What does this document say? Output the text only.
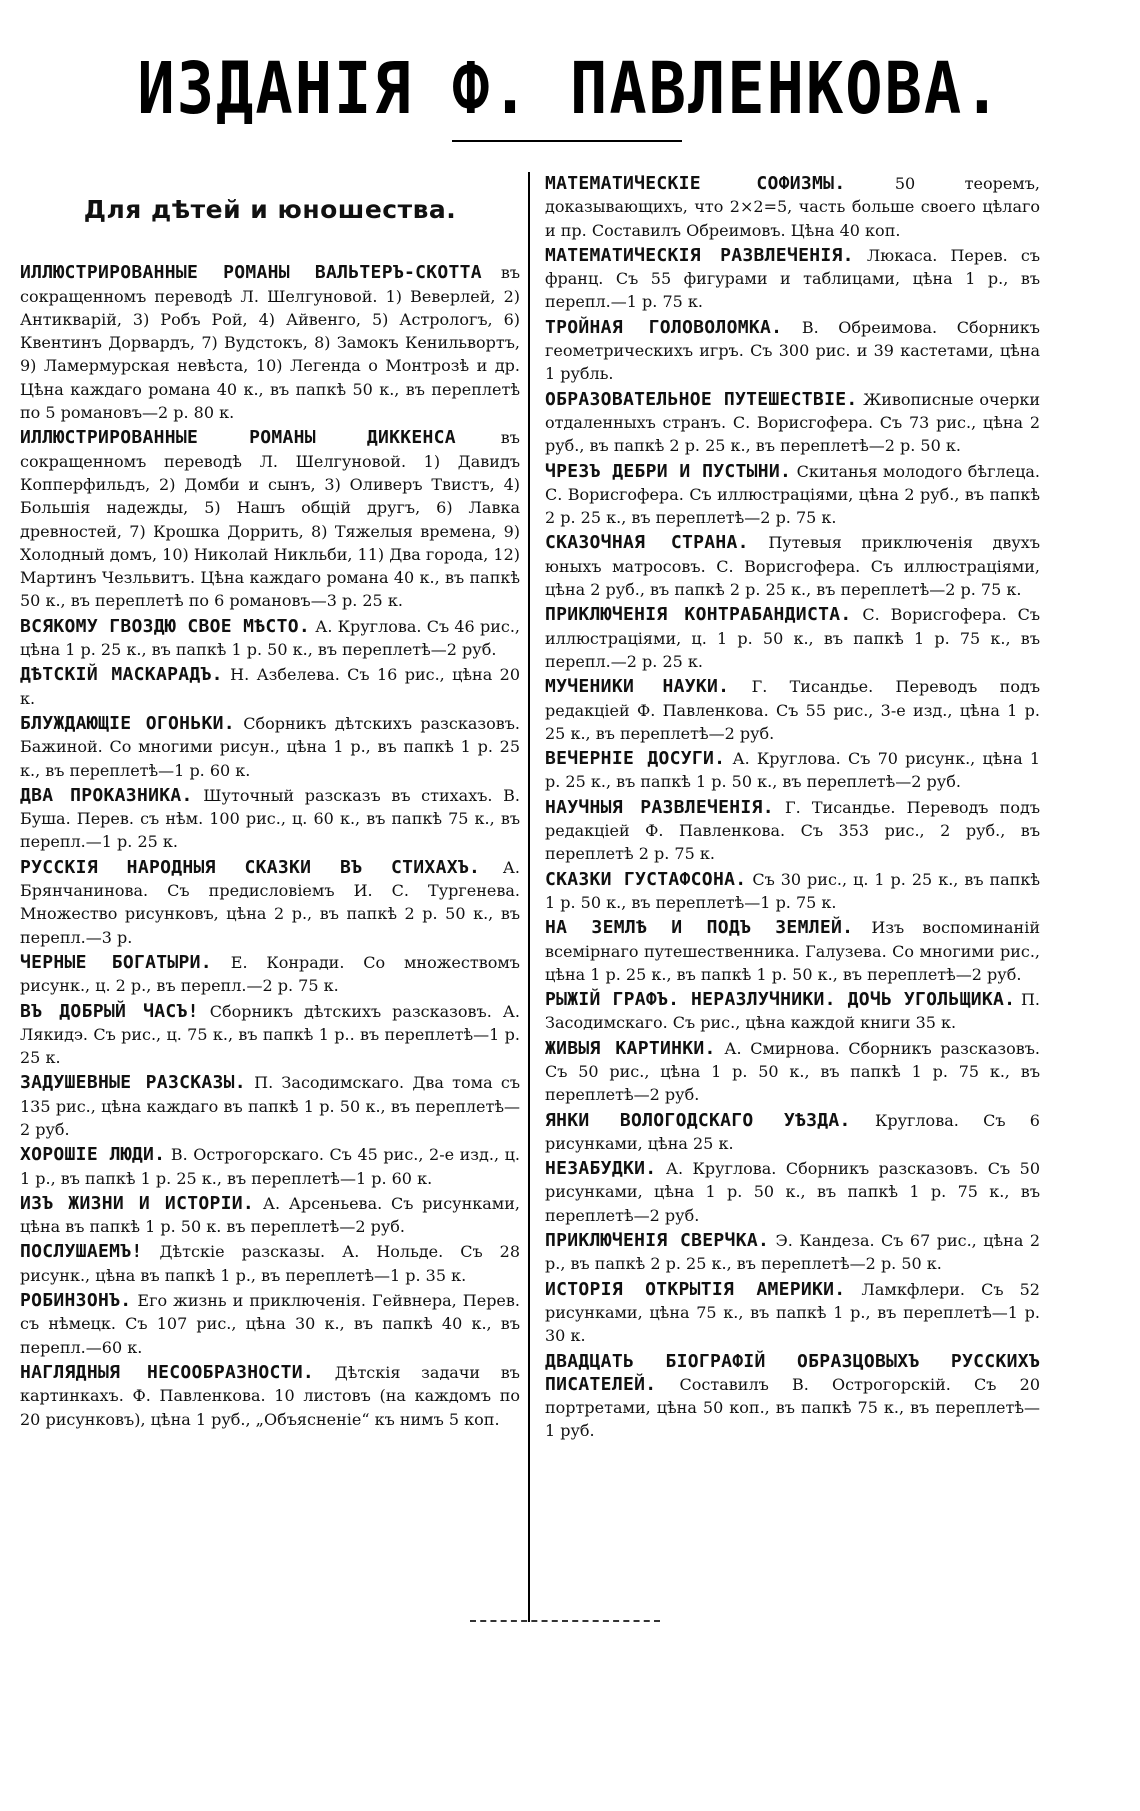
ИЗДАНІЯ Ф. ПАВЛЕНКОВА.
Для дѣтей и юношества.

ИЛЛЮСТРИРОВАННЫЕ РОМАНЫ ВАЛЬТЕРЪ-СКОТТА въ сокращенномъ переводѣ Л. Шелгуновой. 1) Веверлей, 2) Антикварій, 3) Робъ Рой, 4) Айвенго, 5) Астрологъ, 6) Квентинъ Дорвардъ, 7) Вудстокъ, 8) Замокъ Кенильвортъ, 9) Ламермурская невѣста, 10) Легенда о Монтрозѣ и др. Цѣна каждаго романа 40 к., въ папкѣ 50 к., въ переплетѣ по 5 романовъ—2 р. 80 к.

ИЛЛЮСТРИРОВАННЫЕ РОМАНЫ ДИККЕНСА въ сокращенномъ переводѣ Л. Шелгуновой. 1) Давидъ Копперфильдъ, 2) Домби и сынъ, 3) Оливеръ Твистъ, 4) Большія надежды, 5) Нашъ общій другъ, 6) Лавка древностей, 7) Крошка Доррить, 8) Тяжелыя времена, 9) Холодный домъ, 10) Николай Никльби, 11) Два города, 12) Мартинъ Чезльвитъ. Цѣна каждаго романа 40 к., въ папкѣ 50 к., въ переплетѣ по 6 романовъ—3 р. 25 к.

ВСЯКОМУ ГВОЗДЮ СВОЕ МѢСТО. А. Круглова. Съ 46 рис., цѣна 1 р. 25 к., въ папкѣ 1 р. 50 к., въ переплетѣ—2 руб.

ДѢТСКІЙ МАСКАРАДЪ. Н. Азбелева. Съ 16 рис., цѣна 20 к.

БЛУЖДАЮЩІЕ ОГОНЬКИ. Сборникъ дѣтскихъ разсказовъ. Бажиной. Со многими рисун., цѣна 1 р., въ папкѣ 1 р. 25 к., въ переплетѣ—1 р. 60 к.

ДВА ПРОКАЗНИКА. Шуточный разсказъ въ стихахъ. В. Буша. Перев. съ нѣм. 100 рис., ц. 60 к., въ папкѣ 75 к., въ перепл.—1 р. 25 к.

РУССКІЯ НАРОДНЫЯ СКАЗКИ ВЪ СТИХАХЪ. А. Брянчанинова. Съ предисловіемъ И. С. Тургенева. Множество рисунковъ, цѣна 2 р., въ папкѣ 2 р. 50 к., въ перепл.—3 р.

ЧЕРНЫЕ БОГАТЫРИ. Е. Конради. Со множествомъ рисунк., ц. 2 р., въ перепл.—2 р. 75 к.

ВЪ ДОБРЫЙ ЧАСЪ! Сборникъ дѣтскихъ разсказовъ. А. Лякидэ. Съ рис., ц. 75 к., въ папкѣ 1 р.. въ переплетѣ—1 р. 25 к.

ЗАДУШЕВНЫЕ РАЗСКАЗЫ. П. Засодимскаго. Два тома съ 135 рис., цѣна каждаго въ папкѣ 1 р. 50 к., въ переплетѣ—2 руб.

ХОРОШІЕ ЛЮДИ. В. Острогорскаго. Съ 45 рис., 2-е изд., ц. 1 р., въ папкѣ 1 р. 25 к., въ переплетѣ—1 р. 60 к.

ИЗЪ ЖИЗНИ И ИСТОРІИ. А. Арсеньева. Съ рисунками, цѣна въ папкѣ 1 р. 50 к. въ переплетѣ—2 руб.

ПОСЛУШАЕМЪ! Дѣтскіе разсказы. А. Нольде. Съ 28 рисунк., цѣна въ папкѣ 1 р., въ переплетѣ—1 р. 35 к.

РОБИНЗОНЪ. Его жизнь и приключенія. Гейвнера, Перев. съ нѣмецк. Съ 107 рис., цѣна 30 к., въ папкѣ 40 к., въ перепл.—60 к.

НАГЛЯДНЫЯ НЕСООБРАЗНОСТИ. Дѣтскія задачи въ картинкахъ. Ф. Павленкова. 10 листовъ (на каждомъ по 20 рисунковъ), цѣна 1 руб., „Объясненіе“ къ нимъ 5 коп.

МАТЕМАТИЧЕСКІЕ СОФИЗМЫ. 50 теоремъ, доказывающихъ, что 2×2=5, часть больше своего цѣлаго и пр. Составилъ Обреимовъ. Цѣна 40 коп.

МАТЕМАТИЧЕСКІЯ РАЗВЛЕЧЕНІЯ. Люкаса. Перев. съ франц. Съ 55 фигурами и таблицами, цѣна 1 р., въ перепл.—1 р. 75 к.

ТРОЙНАЯ ГОЛОВОЛОМКА. В. Обреимова. Сборникъ геометрическихъ игръ. Съ 300 рис. и 39 кастетами, цѣна 1 рубль.

ОБРАЗОВАТЕЛЬНОЕ ПУТЕШЕСТВІЕ. Живописные очерки отдаленныхъ странъ. С. Ворисгофера. Съ 73 рис., цѣна 2 руб., въ папкѣ 2 р. 25 к., въ переплетѣ—2 р. 50 к.

ЧРЕЗЪ ДЕБРИ И ПУСТЫНИ. Скитанья молодого бѣглеца. С. Ворисгофера. Съ иллюстраціями, цѣна 2 руб., въ папкѣ 2 р. 25 к., въ переплетѣ—2 р. 75 к.

СКАЗОЧНАЯ СТРАНА. Путевыя приключенія двухъ юныхъ матросовъ. С. Ворисгофера. Съ иллюстраціями, цѣна 2 руб., въ папкѣ 2 р. 25 к., въ переплетѣ—2 р. 75 к.

ПРИКЛЮЧЕНІЯ КОНТРАБАНДИСТА. С. Ворисгофера. Съ иллюстраціями, ц. 1 р. 50 к., въ папкѣ 1 р. 75 к., въ перепл.—2 р. 25 к.

МУЧЕНИКИ НАУКИ. Г. Тисандье. Переводъ подъ редакціей Ф. Павленкова. Съ 55 рис., 3-е изд., цѣна 1 р. 25 к., въ переплетѣ—2 руб.

ВЕЧЕРНІЕ ДОСУГИ. А. Круглова. Съ 70 рисунк., цѣна 1 р. 25 к., въ папкѣ 1 р. 50 к., въ переплетѣ—2 руб.

НАУЧНЫЯ РАЗВЛЕЧЕНІЯ. Г. Тисандье. Переводъ подъ редакціей Ф. Павленкова. Съ 353 рис., 2 руб., въ переплетѣ 2 р. 75 к.

СКАЗКИ ГУСТАФСОНА. Съ 30 рис., ц. 1 р. 25 к., въ папкѣ 1 р. 50 к., въ переплетѣ—1 р. 75 к.

НА ЗЕМЛѢ И ПОДЪ ЗЕМЛЕЙ. Изъ воспоминаній всемірнаго путешественника. Галузева. Со многими рис., цѣна 1 р. 25 к., въ папкѣ 1 р. 50 к., въ переплетѣ—2 руб.

РЫЖІЙ ГРАФЪ. НЕРАЗЛУЧНИКИ. ДОЧЬ УГОЛЬЩИКА. П. Засодимскаго. Съ рис., цѣна каждой книги 35 к.

ЖИВЫЯ КАРТИНКИ. А. Смирнова. Сборникъ разсказовъ. Съ 50 рис., цѣна 1 р. 50 к., въ папкѣ 1 р. 75 к., въ переплетѣ—2 руб.

ЯНКИ ВОЛОГОДСКАГО УѢЗДА. Круглова. Съ 6 рисунками, цѣна 25 к.

НЕЗАБУДКИ. А. Круглова. Сборникъ разсказовъ. Съ 50 рисунками, цѣна 1 р. 50 к., въ папкѣ 1 р. 75 к., въ переплетѣ—2 руб.

ПРИКЛЮЧЕНІЯ СВЕРЧКА. Э. Кандеза. Съ 67 рис., цѣна 2 р., въ папкѣ 2 р. 25 к., въ переплетѣ—2 р. 50 к.

ИСТОРІЯ ОТКРЫТІЯ АМЕРИКИ. Ламкфлери. Съ 52 рисунками, цѣна 75 к., въ папкѣ 1 р., въ переплетѣ—1 р. 30 к.

ДВАДЦАТЬ БІОГРАФІЙ ОБРАЗЦОВЫХЪ РУССКИХЪ ПИСАТЕЛЕЙ. Составилъ В. Острогорскій. Съ 20 портретами, цѣна 50 коп., въ папкѣ 75 к., въ переплетѣ—1 руб.
